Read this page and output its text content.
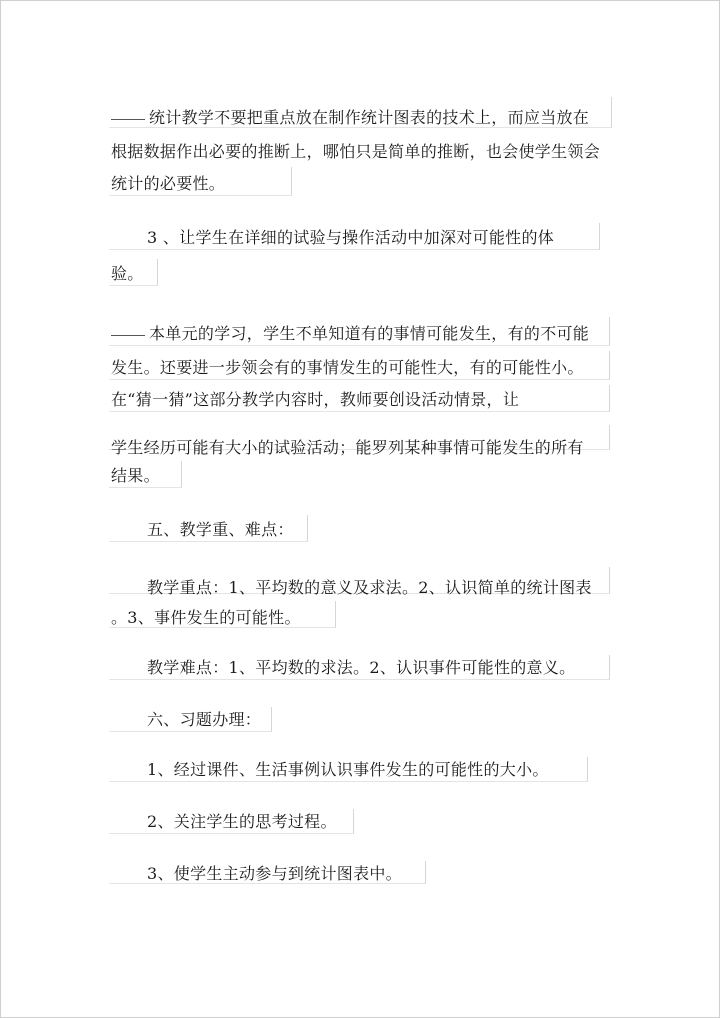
统计教学不要把重点放在制作统计图表的技术上，而应当放在
根据数据作出必要的推断上，哪怕只是简单的推断，也会使学生领会
统计的必要性。
3 、让学生在详细的试验与操作活动中加深对可能性的体
验。
本单元的学习，学生不单知道有的事情可能发生，有的不可能
发生。还要进一步领会有的事情发生的可能性大，有的可能性小。
在“猜一猜”这部分教学内容时，教师要创设活动情景，让
学生经历可能有大小的试验活动；能罗列某种事情可能发生的所有
结果。
五、教学重、难点：
教学重点：1、平均数的意义及求法。2、认识简单的统计图表
。3、事件发生的可能性。
教学难点：1、平均数的求法。2、认识事件可能性的意义。
六、习题办理：
1、经过课件、生活事例认识事件发生的可能性的大小。
2、关注学生的思考过程。
3、使学生主动参与到统计图表中。
